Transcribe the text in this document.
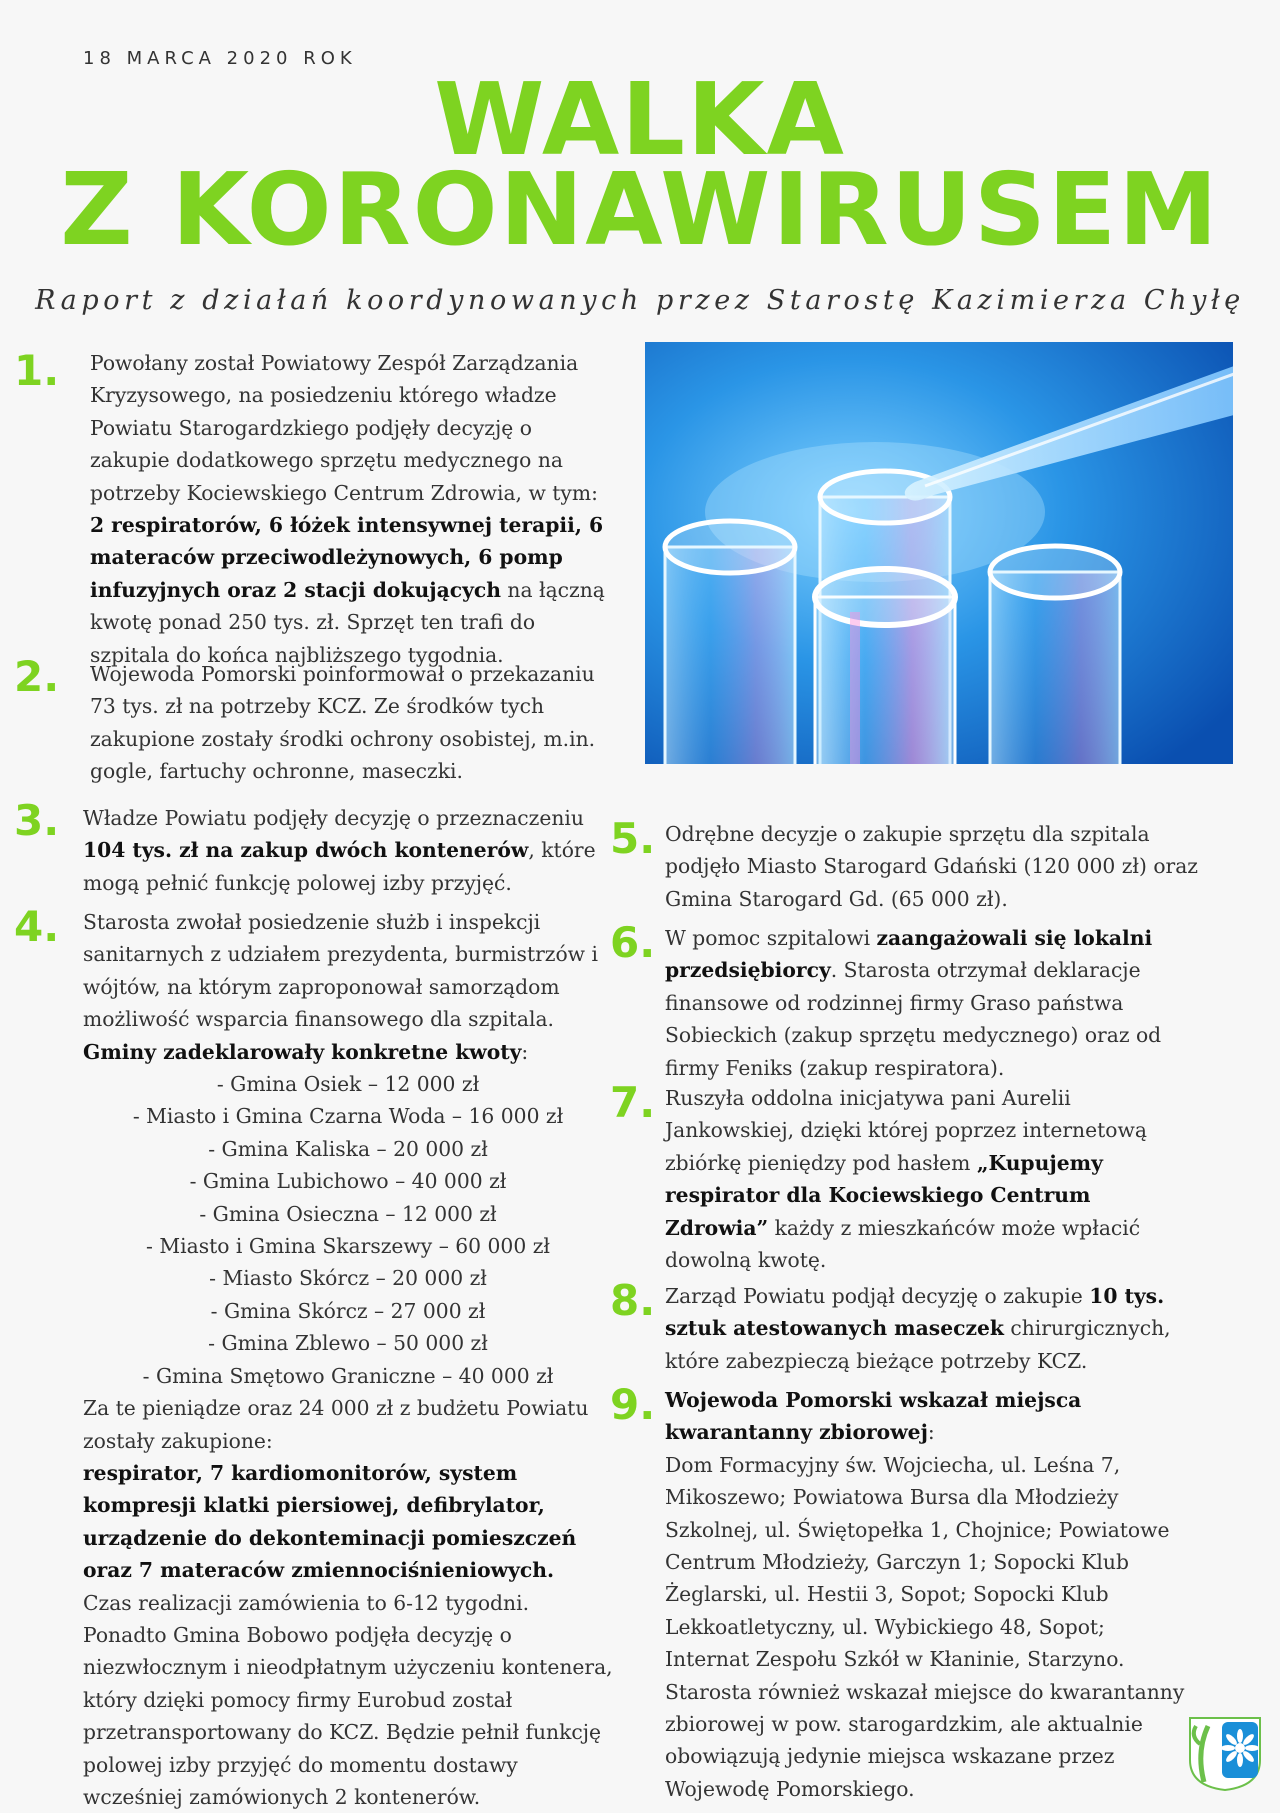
18 MARCA 2020 ROK
WALKA
Z KORONAWIRUSEM
Raport z działań koordynowanych przez Starostę Kazimierza Chyłę
1. Powołany został Powiatowy Zespół Zarządzania Kryzysowego, na posiedzeniu którego władze Powiatu Starogardzkiego podjęły decyzję o zakupie dodatkowego sprzętu medycznego na potrzeby Kociewskiego Centrum Zdrowia, w tym: 2 respiratorów, 6 łóżek intensywnej terapii, 6 materaców przeciwodleżynowych, 6 pomp infuzyjnych oraz 2 stacji dokujących na łączną kwotę ponad 250 tys. zł. Sprzęt ten trafi do szpitala do końca najbliższego tygodnia.
2. Wojewoda Pomorski poinformował o przekazaniu 73 tys. zł na potrzeby KCZ. Ze środków tych zakupione zostały środki ochrony osobistej, m.in. gogle, fartuchy ochronne, maseczki.
3. Władze Powiatu podjęły decyzję o przeznaczeniu 104 tys. zł na zakup dwóch kontenerów, które mogą pełnić funkcję polowej izby przyjęć.
4. Starosta zwołał posiedzenie służb i inspekcji sanitarnych z udziałem prezydenta, burmistrzów i wójtów, na którym zaproponował samorządom możliwość wsparcia finansowego dla szpitala.
Gminy zadeklarowały konkretne kwoty:
- Gmina Osiek – 12 000 zł
- Miasto i Gmina Czarna Woda – 16 000 zł
- Gmina Kaliska – 20 000 zł
- Gmina Lubichowo – 40 000 zł
- Gmina Osieczna – 12 000 zł
- Miasto i Gmina Skarszewy – 60 000 zł
- Miasto Skórcz – 20 000 zł
- Gmina Skórcz – 27 000 zł
- Gmina Zblewo – 50 000 zł
- Gmina Smętowo Graniczne – 40 000 zł
Za te pieniądze oraz 24 000 zł z budżetu Powiatu zostały zakupione:
respirator, 7 kardiomonitorów, system kompresji klatki piersiowej, defibrylator, urządzenie do dekonteminacji pomieszczeń oraz 7 materaców zmiennociśnieniowych.
Czas realizacji zamówienia to 6-12 tygodni. Ponadto Gmina Bobowo podjęła decyzję o niezwłocznym i nieodpłatnym użyczeniu kontenera, który dzięki pomocy firmy Eurobud został przetransportowany do KCZ. Będzie pełnił funkcję polowej izby przyjęć do momentu dostawy wcześniej zamówionych 2 kontenerów.
5. Odrębne decyzje o zakupie sprzętu dla szpitala podjęło Miasto Starogard Gdański (120 000 zł) oraz Gmina Starogard Gd. (65 000 zł).
6. W pomoc szpitalowi zaangażowali się lokalni przedsiębiorcy. Starosta otrzymał deklaracje finansowe od rodzinnej firmy Graso państwa Sobieckich (zakup sprzętu medycznego) oraz od firmy Feniks (zakup respiratora).
7. Ruszyła oddolna inicjatywa pani Aurelii Jankowskiej, dzięki której poprzez internetową zbiórkę pieniędzy pod hasłem „Kupujemy respirator dla Kociewskiego Centrum Zdrowia” każdy z mieszkańców może wpłacić dowolną kwotę.
8. Zarząd Powiatu podjął decyzję o zakupie 10 tys. sztuk atestowanych maseczek chirurgicznych, które zabezpieczą bieżące potrzeby KCZ.
9. Wojewoda Pomorski wskazał miejsca kwarantanny zbiorowej:
Dom Formacyjny św. Wojciecha, ul. Leśna 7, Mikoszewo; Powiatowa Bursa dla Młodzieży Szkolnej, ul. Świętopełka 1, Chojnice; Powiatowe Centrum Młodzieży, Garczyn 1; Sopocki Klub Żeglarski, ul. Hestii 3, Sopot; Sopocki Klub Lekkoatletyczny, ul. Wybickiego 48, Sopot; Internat Zespołu Szkół w Kłaninie, Starzyno. Starosta również wskazał miejsce do kwarantanny zbiorowej w pow. starogardzkim, ale aktualnie obowiązują jedynie miejsca wskazane przez Wojewodę Pomorskiego.
